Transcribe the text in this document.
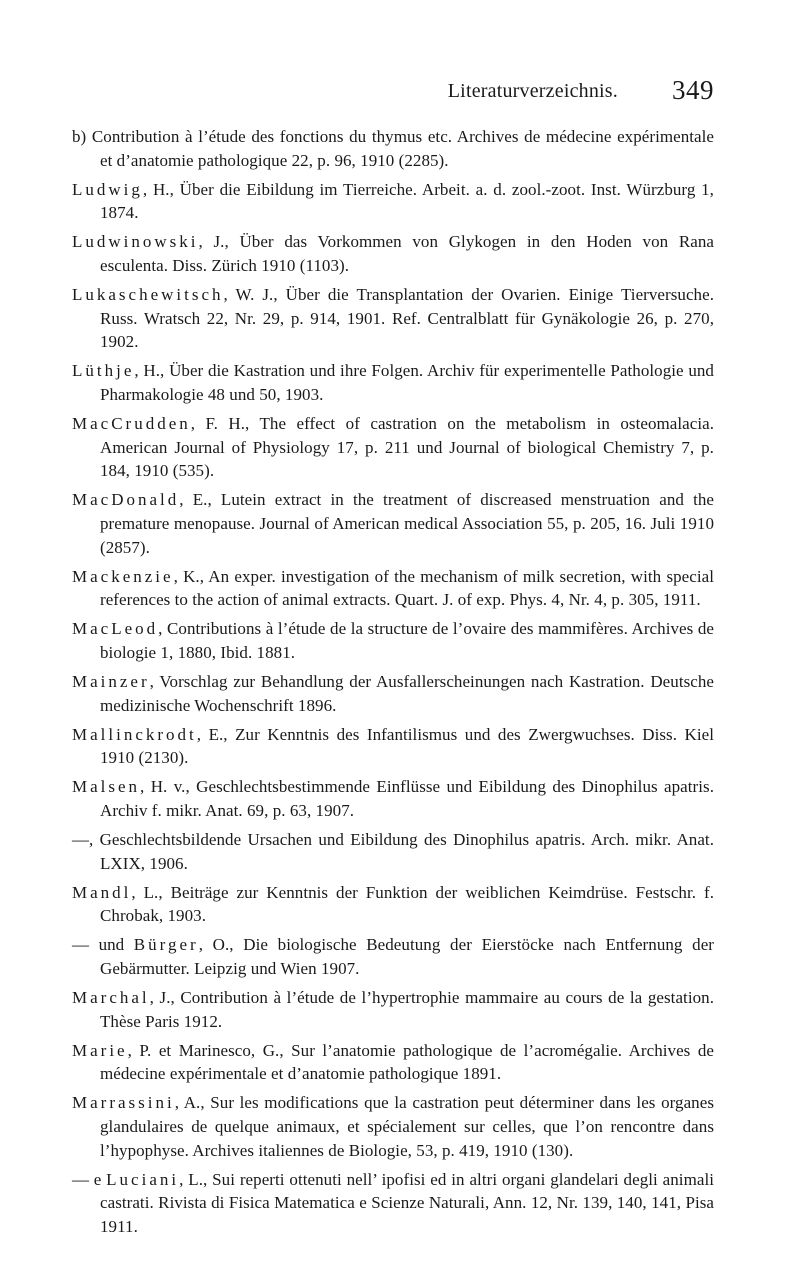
Literaturverzeichnis. 349

b) Contribution à l’étude des fonctions du thymus etc. Archives de médecine expérimentale et d’anatomie pathologique 22, p. 96, 1910 (2285).

Ludwig, H., Über die Eibildung im Tierreiche. Arbeit. a. d. zool.-zoot. Inst. Würzburg 1, 1874.

Ludwinowski, J., Über das Vorkommen von Glykogen in den Hoden von Rana esculenta. Diss. Zürich 1910 (1103).

Lukaschewitsch, W. J., Über die Transplantation der Ovarien. Einige Tierversuche. Russ. Wratsch 22, Nr. 29, p. 914, 1901. Ref. Centralblatt für Gynäkologie 26, p. 270, 1902.

Lüthje, H., Über die Kastration und ihre Folgen. Archiv für experimentelle Pathologie und Pharmakologie 48 und 50, 1903.

MacCrudden, F. H., The effect of castration on the metabolism in osteomalacia. American Journal of Physiology 17, p. 211 und Journal of biological Chemistry 7, p. 184, 1910 (535).

MacDonald, E., Lutein extract in the treatment of discreased menstruation and the premature menopause. Journal of American medical Association 55, p. 205, 16. Juli 1910 (2857).

Mackenzie, K., An exper. investigation of the mechanism of milk secretion, with special references to the action of animal extracts. Quart. J. of exp. Phys. 4, Nr. 4, p. 305, 1911.

MacLeod, Contributions à l’étude de la structure de l’ovaire des mammifères. Archives de biologie 1, 1880, Ibid. 1881.

Mainzer, Vorschlag zur Behandlung der Ausfallerscheinungen nach Kastration. Deutsche medizinische Wochenschrift 1896.

Mallinckrodt, E., Zur Kenntnis des Infantilismus und des Zwergwuchses. Diss. Kiel 1910 (2130).

Malsen, H. v., Geschlechtsbestimmende Einflüsse und Eibildung des Dinophilus apatris. Archiv f. mikr. Anat. 69, p. 63, 1907.

—, Geschlechtsbildende Ursachen und Eibildung des Dinophilus apatris. Arch. mikr. Anat. LXIX, 1906.

Mandl, L., Beiträge zur Kenntnis der Funktion der weiblichen Keimdrüse. Festschr. f. Chrobak, 1903.

— und Bürger, O., Die biologische Bedeutung der Eierstöcke nach Entfernung der Gebärmutter. Leipzig und Wien 1907.

Marchal, J., Contribution à l’étude de l’hypertrophie mammaire au cours de la gestation. Thèse Paris 1912.

Marie, P. et Marinesco, G., Sur l’anatomie pathologique de l’acromégalie. Archives de médecine expérimentale et d’anatomie pathologique 1891.

Marrassini, A., Sur les modifications que la castration peut déterminer dans les organes glandulaires de quelque animaux, et spécialement sur celles, que l’on rencontre dans l’hypophyse. Archives italiennes de Biologie, 53, p. 419, 1910 (130).

— e Luciani, L., Sui reperti ottenuti nell’ ipofisi ed in altri organi glandelari degli animali castrati. Rivista di Fisica Matematica e Scienze Naturali, Ann. 12, Nr. 139, 140, 141, Pisa 1911.
